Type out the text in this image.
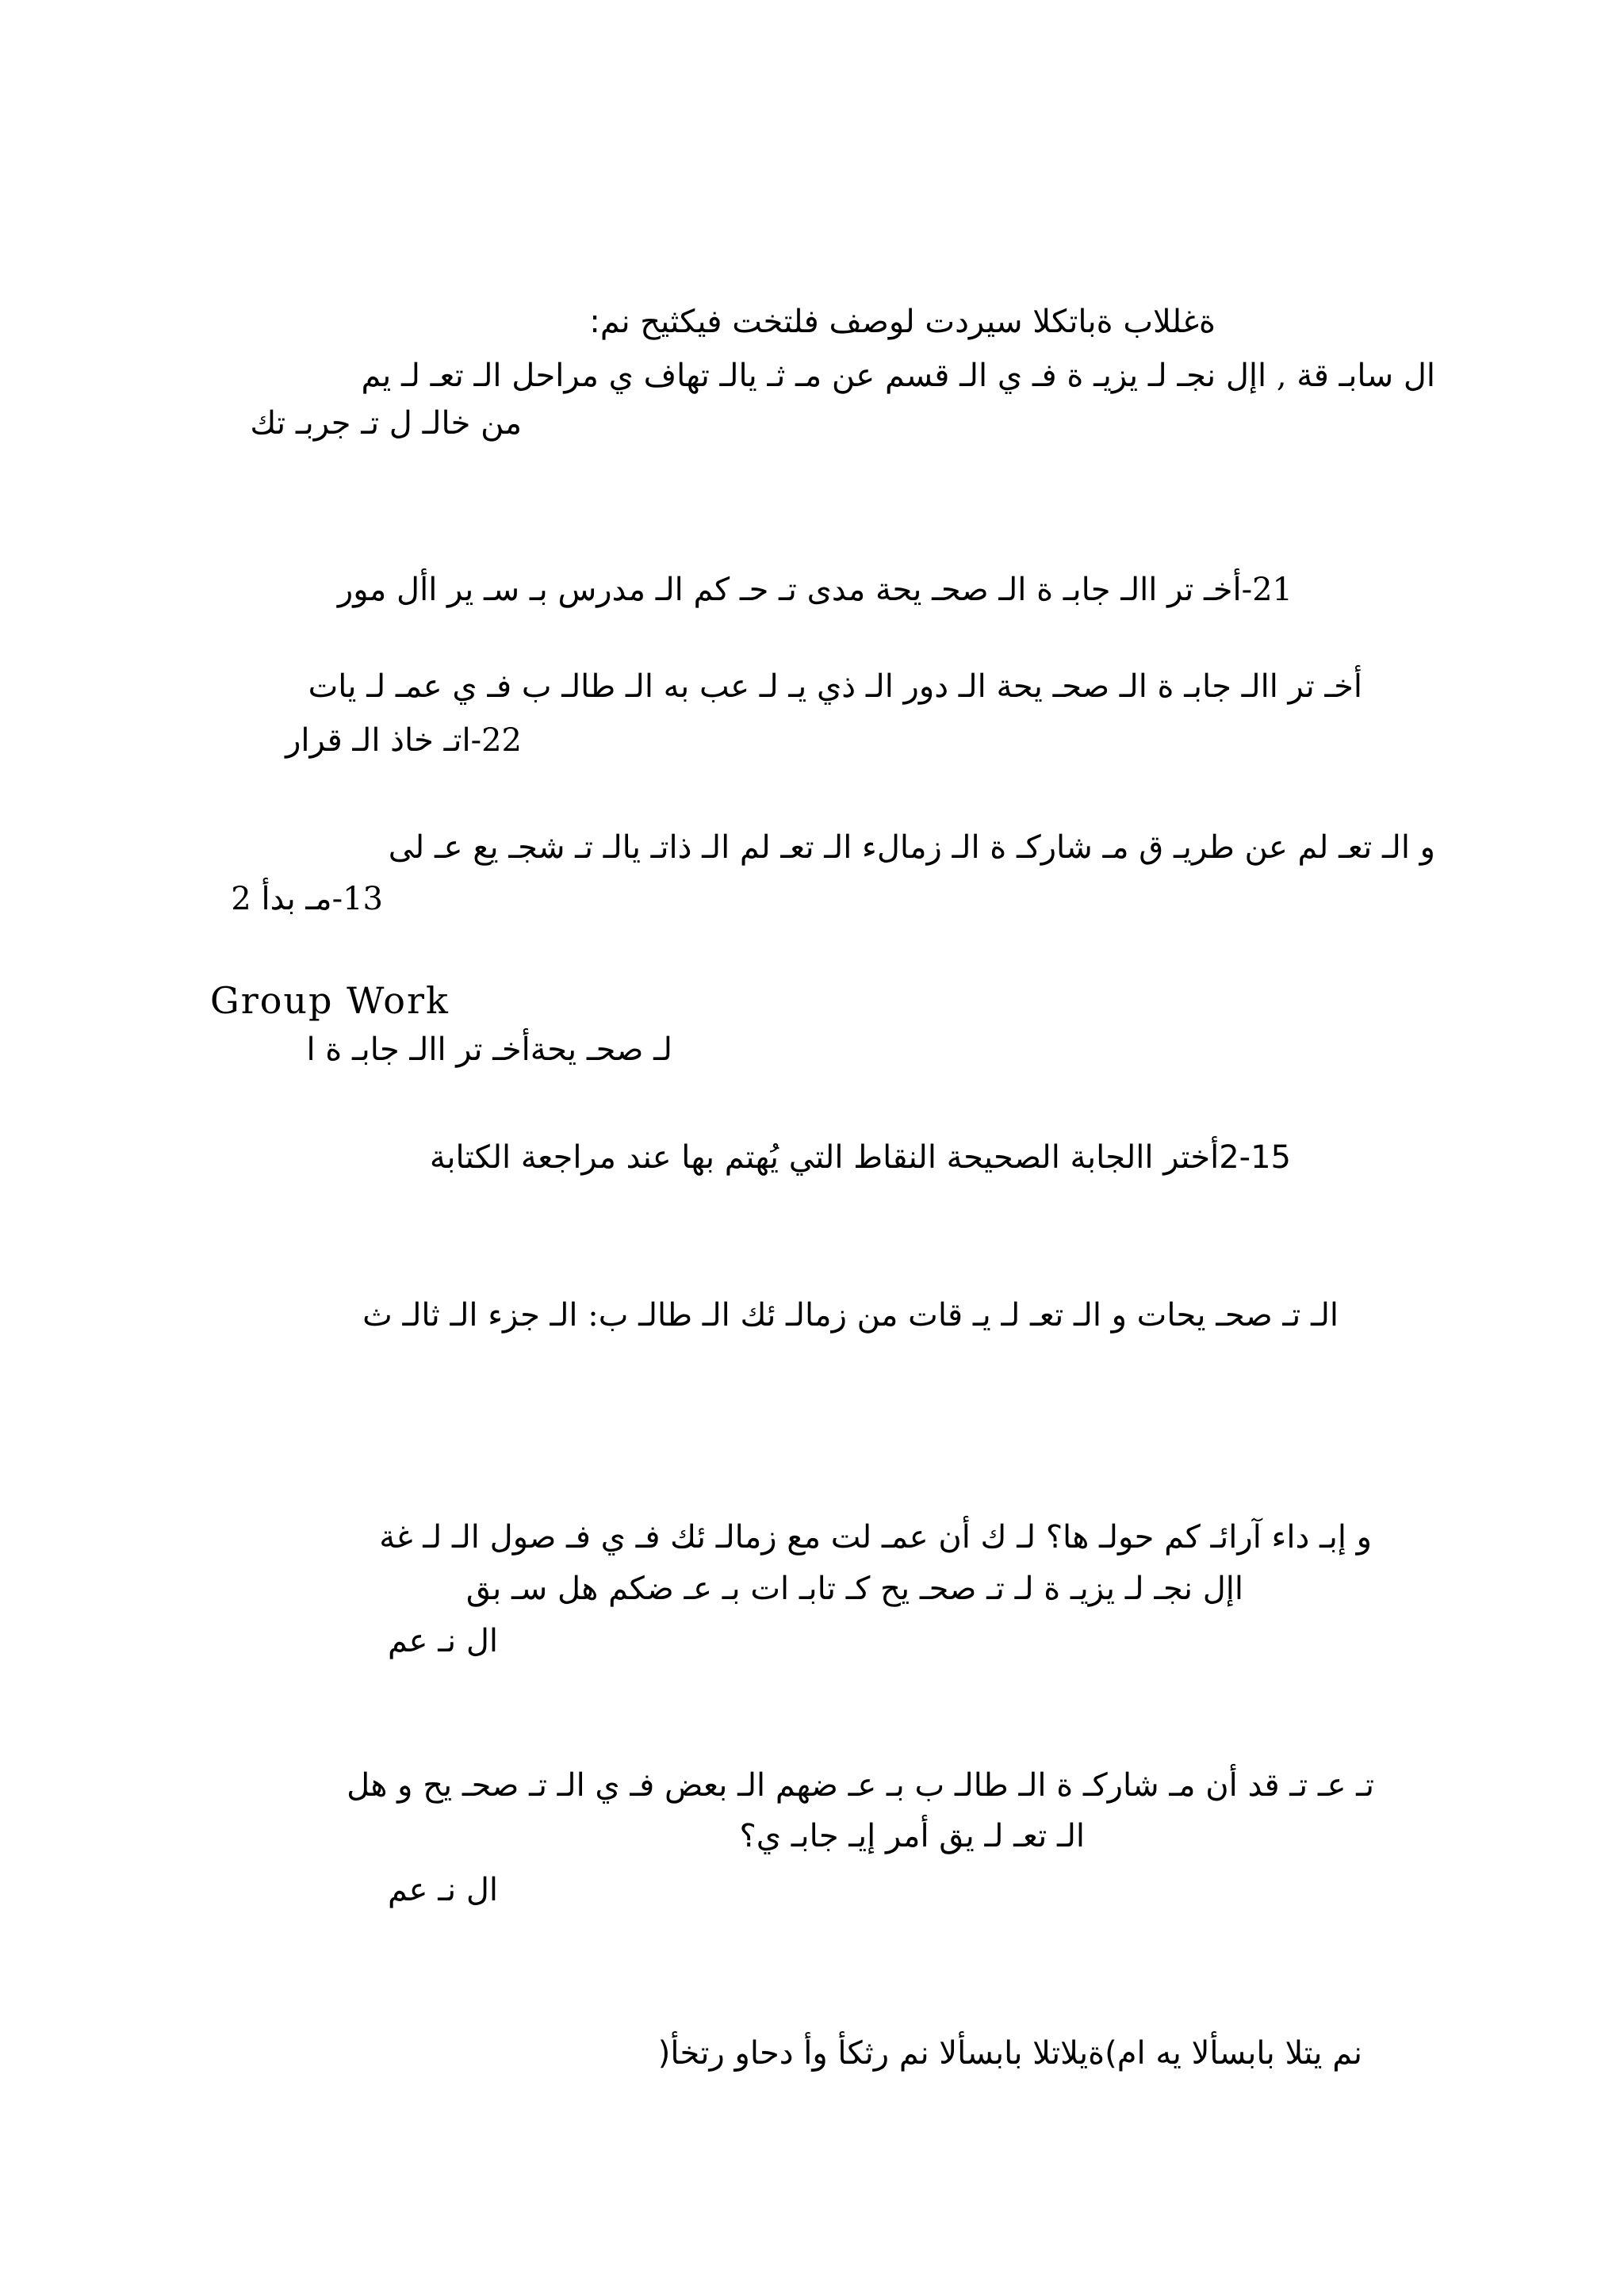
ةغللاب ةباتكلا سيردت لوصف فلتخت فيكثيح نم:
ال سابـ قة , اإل نجـ لـ يزيـ ة فـ ي الـ قسم عن مـ ثـ يالـ تهاف ي مراحل الـ تعـ لـ يم
من خالـ ل تـ جربـ تك
21-أخـ تر االـ جابـ ة الـ صحـ يحة مدى تـ حـ كم الـ مدرس بـ سـ ير األ مور
أخـ تر االـ جابـ ة الـ صحـ يحة الـ دور الـ ذي يـ لـ عب به الـ طالـ ب فـ ي عمـ لـ يات
22-اتـ خاذ الـ قرار
و الـ تعـ لم عن طريـ ق مـ شاركـ ة الـ زمالء الـ تعـ لم الـ ذاتـ يالـ تـ شجـ يع عـ لى
13-مـ بدأ 2
Group Work
لـ صحـ يحةأخـ تر االـ جابـ ة ا
2-15أختر االجابة الصحيحة النقاط التي يُهتم بها عند مراجعة الكتابة
الـ تـ صحـ يحات و الـ تعـ لـ يـ قات من زمالـ ئك الـ طالـ ب: الـ جزء الـ ثالـ ث
و إبـ داء آرائـ كم حولـ ها؟ لـ ك أن عمـ لت مع زمالـ ئك فـ ي فـ صول الـ لـ غة
اإل نجـ لـ يزيـ ة لـ تـ صحـ يح كـ تابـ ات بـ عـ ضكم هل سـ بق
ال نـ عم
تـ عـ تـ قد أن مـ شاركـ ة الـ طالـ ب بـ عـ ضهم الـ بعض فـ ي الـ تـ صحـ يح و هل
الـ تعـ لـ يق أمر إيـ جابـ ي؟
ال نـ عم
نم يتلا بابسألا يه ام)ةيلاتلا بابسألا نم رثكأ وأ دحاو رتخأ(
